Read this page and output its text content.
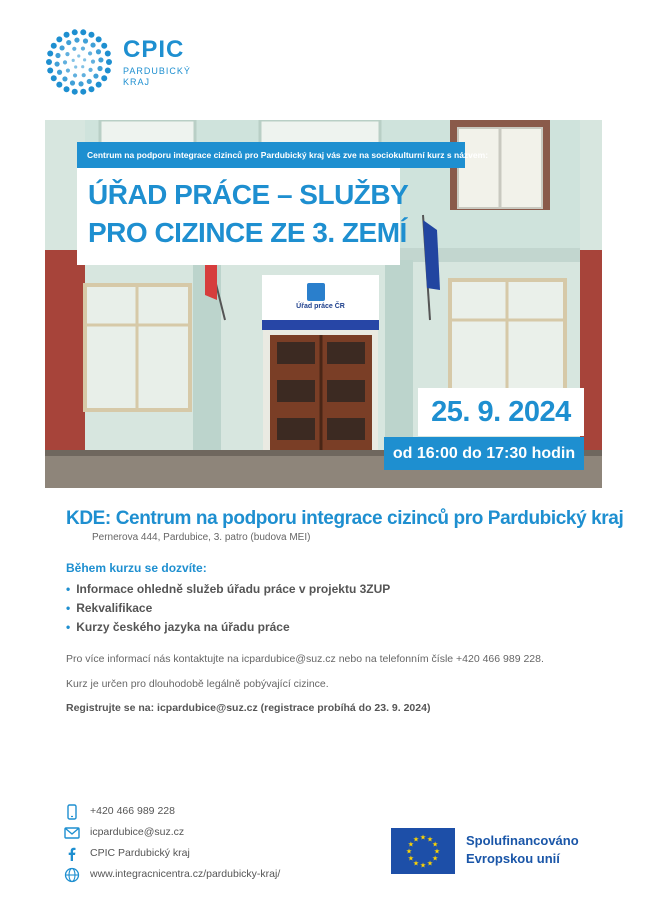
CPIC
PARDUBICKÝ
KRAJ
Úřad práce ČR
Centrum na podporu integrace cizinců pro Pardubický kraj vás zve na sociokulturní kurz s názvem:
ÚŘAD PRÁCE – SLUŽBY
PRO CIZINCE ZE 3. ZEMÍ
25. 9. 2024
od 16:00 do 17:30 hodin
KDE: Centrum na podporu integrace cizinců pro Pardubický kraj
Pernerova 444, Pardubice, 3. patro (budova MEI)
Během kurzu se dozvíte:
• Informace ohledně služeb úřadu práce v projektu 3ZUP
• Rekvalifikace
• Kurzy českého jazyka na úřadu práce
Pro více informací nás kontaktujte na icpardubice@suz.cz nebo na telefonním čísle +420 466 989 228.
Kurz je určen pro dlouhodobě legálně pobývající cizince.
Registrujte se na: icpardubice@suz.cz (registrace probíhá do 23. 9. 2024)
+420 466 989 228
icpardubice@suz.cz
CPIC Pardubický kraj
www.integracnicentra.cz/pardubicky-kraj/
★
★
★
★
★
★
★
★
★ ★ ★
★ Spolufinancováno
Evropskou unií
